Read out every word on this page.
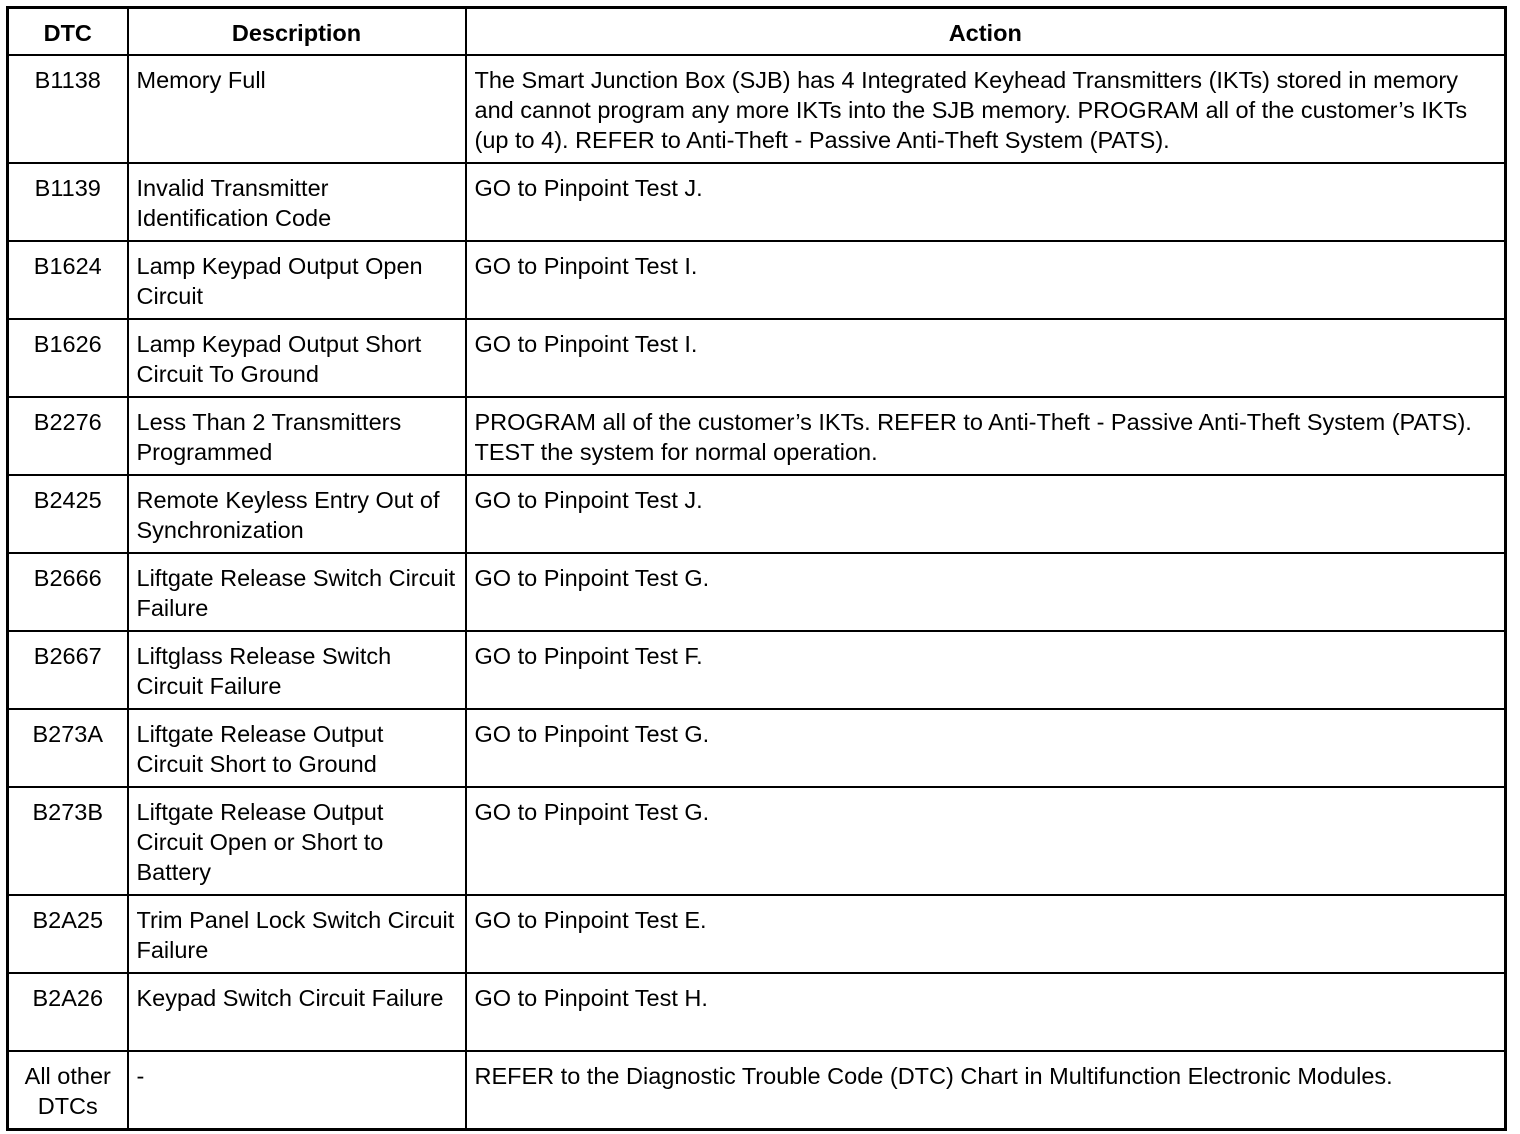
DTC	Description	Action
B1138	Memory Full	The Smart Junction Box (SJB) has 4 Integrated Keyhead Transmitters (IKTs) stored in memory and cannot program any more IKTs into the SJB memory. PROGRAM all of the customer’s IKTs (up to 4). REFER to Anti-Theft - Passive Anti-Theft System (PATS).
B1139	Invalid Transmitter Identification Code	GO to Pinpoint Test J.
B1624	Lamp Keypad Output Open Circuit	GO to Pinpoint Test I.
B1626	Lamp Keypad Output Short Circuit To Ground	GO to Pinpoint Test I.
B2276	Less Than 2 Transmitters Programmed	PROGRAM all of the customer’s IKTs. REFER to Anti-Theft - Passive Anti-Theft System (PATS). TEST the system for normal operation.
B2425	Remote Keyless Entry Out of Synchronization	GO to Pinpoint Test J.
B2666	Liftgate Release Switch Circuit Failure	GO to Pinpoint Test G.
B2667	Liftglass Release Switch Circuit Failure	GO to Pinpoint Test F.
B273A	Liftgate Release Output Circuit Short to Ground	GO to Pinpoint Test G.
B273B	Liftgate Release Output Circuit Open or Short to Battery	GO to Pinpoint Test G.
B2A25	Trim Panel Lock Switch Circuit Failure	GO to Pinpoint Test E.
B2A26	Keypad Switch Circuit Failure	GO to Pinpoint Test H.
All other DTCs	-	REFER to the Diagnostic Trouble Code (DTC) Chart in Multifunction Electronic Modules.
